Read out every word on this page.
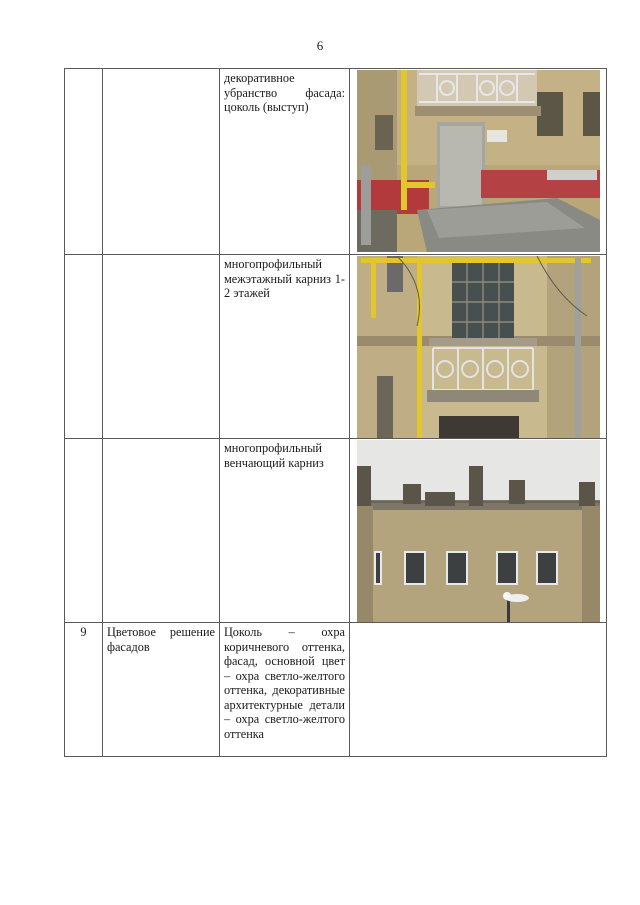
6
		декоративное убранство фасада: цоколь (выступ)	

		многопрофильный межэтажный карниз 1-2 этажей	

		многопрофильный венчающий карниз	

9	Цветовое решение фасадов	Цоколь – охра коричневого оттенка, фасад, основной цвет – охра светло-желтого оттенка, декоративные архитектурные детали – охра светло-желтого оттенка	
